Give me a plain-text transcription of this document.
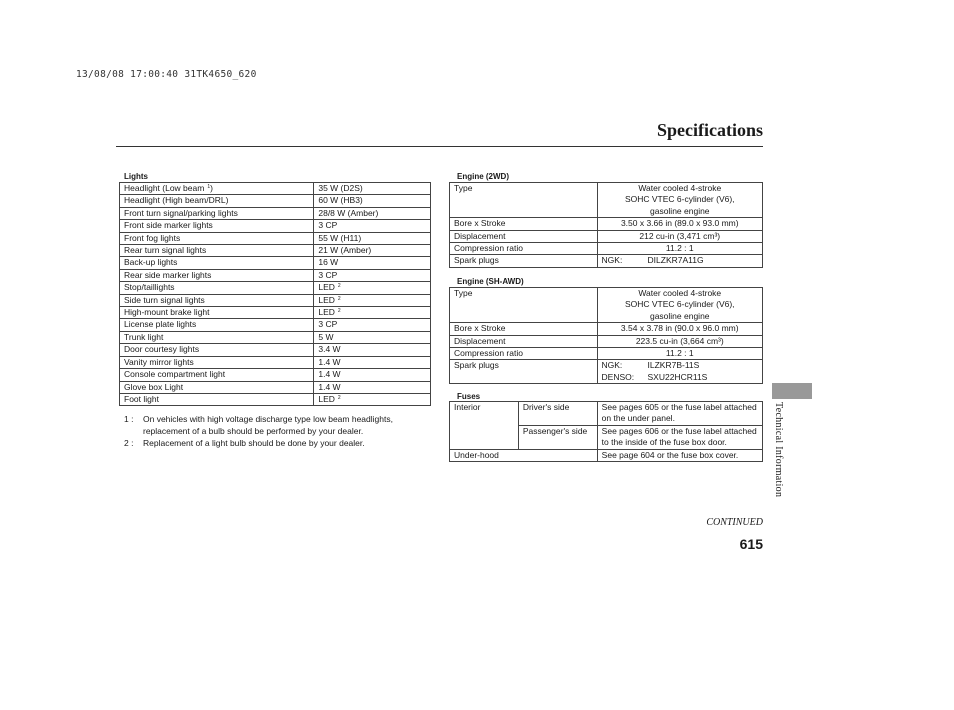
13/08/08 17:00:40 31TK4650_620
Specifications
Lights
Headlight (Low beam $^1$)	35 W (D2S)
Headlight (High beam/DRL)	60 W (HB3)
Front turn signal/parking lights	28/8 W (Amber)
Front side marker lights	3 CP
Front fog lights	55 W (H11)
Rear turn signal lights	21 W (Amber)
Back-up lights	16 W
Rear side marker lights	3 CP
Stop/taillights	LED $^2$
Side turn signal lights	LED $^2$
High-mount brake light	LED $^2$
License plate lights	3 CP
Trunk light	5 W
Door courtesy lights	3.4 W
Vanity mirror lights	1.4 W
Console compartment light	1.4 W
Glove box Light	1.4 W
Foot light	LED $^2$
1 : On vehicles with high voltage discharge type low beam headlights, replacement of a bulb should be performed by your dealer.
2 : Replacement of a light bulb should be done by your dealer.
Engine (2WD)
Type	Water cooled 4-stroke
SOHC VTEC 6-cylinder (V6),
gasoline engine

Bore x Stroke	3.50 x 3.66 in (89.0 x 93.0 mm)
Displacement	212 cu-in (3,471 cm³)
Compression ratio	11.2 : 1
Spark plugs	NGK: DILZKR7A11G
Engine (SH-AWD)
Type	Water cooled 4-stroke
SOHC VTEC 6-cylinder (V6),
gasoline engine

Bore x Stroke	3.54 x 3.78 in (90.0 x 96.0 mm)
Displacement	223.5 cu-in (3,664 cm³)
Compression ratio	11.2 : 1
Spark plugs	NGK: ILZKR7B-11S
DENSO: SXU22HCR11S
Fuses
Interior	Driver's side	See pages 605 or the fuse label attached on the under panel.
	Passenger's side	See pages 606 or the fuse label attached to the inside of the fuse box door.
Under-hood		See page 604 or the fuse box cover.	Technical Information
CONTINUED
615
